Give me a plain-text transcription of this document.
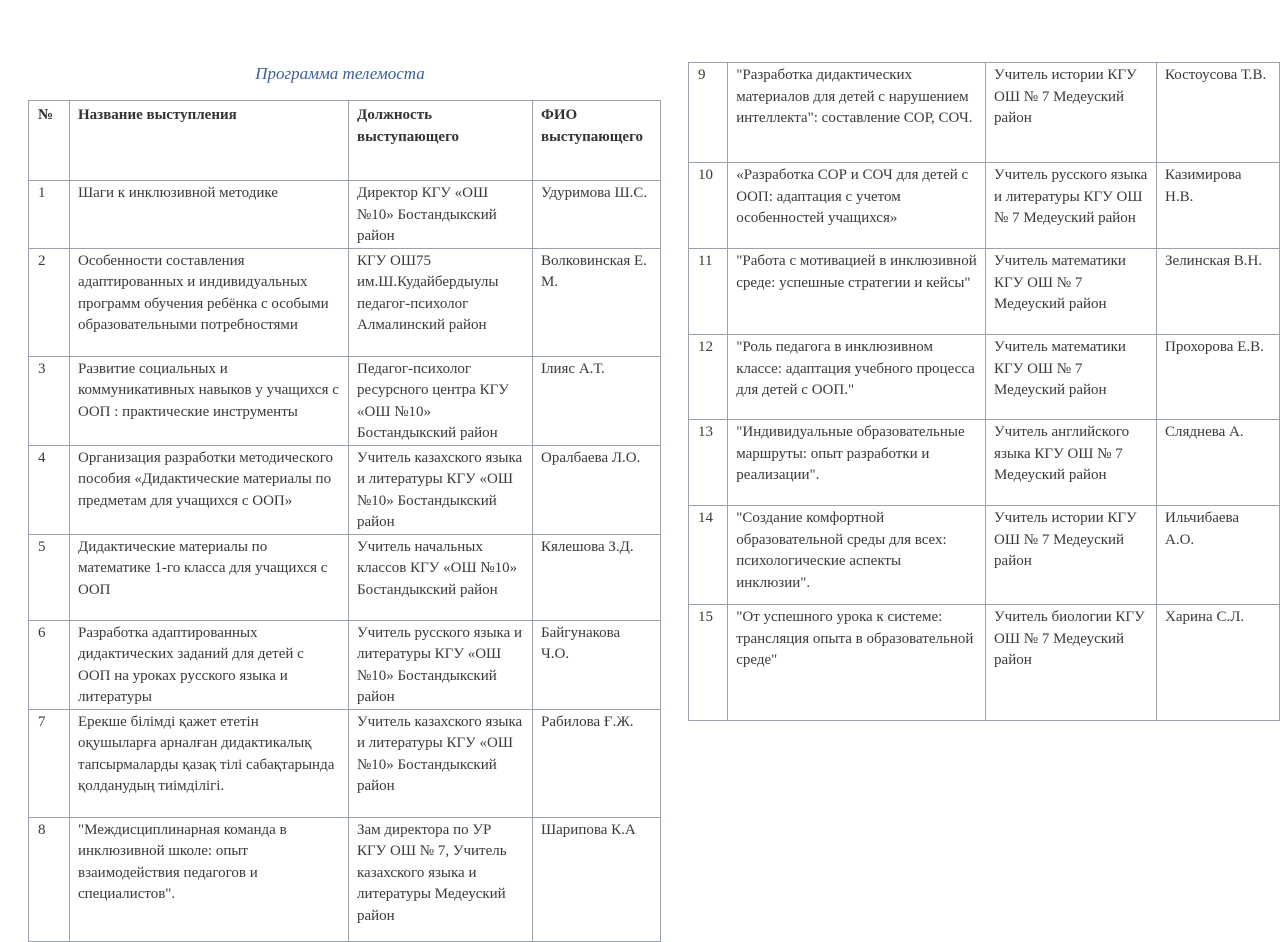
Программа телемоста
№	Название выступления	Должность выступающего	ФИО выступающего
1	Шаги к инклюзивной методике	Директор КГУ «ОШ №10» Бостандыкский район	Удуримова Ш.С.
2	Особенности составления адаптированных и индивидуальных программ обучения ребёнка с особыми образовательными потребностями	КГУ ОШ75 им.Ш.Кудайбердыулы педагог-психолог Алмалинский район	Волковинская Е. М.
3	Развитие социальных и коммуникативных навыков у учащихся с ООП : практические инструменты	Педагог-психолог ресурсного центра КГУ «ОШ №10» Бостандыкский район	Ілияс А.Т.
4	Организация разработки методического пособия «Дидактические материалы по предметам для учащихся с ООП»	Учитель казахского языка и литературы КГУ «ОШ №10» Бостандыкский район	Оралбаева Л.О.
5	Дидактические материалы по математике 1-го класса для учащихся с ООП	Учитель начальных классов КГУ «ОШ №10» Бостандыкский район	Кялешова З.Д.
6	Разработка адаптированных дидактических заданий для детей с ООП на уроках русского языка и литературы	Учитель русского языка и литературы КГУ «ОШ №10» Бостандыкский район	Байгунакова Ч.О.
7	Ерекше білімді қажет ететін оқушыларға арналған дидактикалық тапсырмаларды қазақ тілі сабақтарында қолданудың тиімділігі.	Учитель казахского языка и литературы КГУ «ОШ №10» Бостандыкский район	Рабилова Ғ.Ж.
8	"Междисциплинарная команда в инклюзивной школе: опыт взаимодействия педагогов и специалистов".	Зам директора по УР КГУ ОШ № 7, Учитель казахского языка и литературы Медеуский район	Шарипова К.А
9	"Разработка дидактических материалов для детей с нарушением интеллекта": составление СОР, СОЧ.	Учитель истории КГУ ОШ № 7 Медеуский район	Костоусова Т.В.
10	«Разработка СОР и СОЧ для детей с ООП: адаптация с учетом особенностей учащихся»	Учитель русского языка и литературы КГУ ОШ № 7 Медеуский район	Казимирова Н.В.
11	"Работа с мотивацией в инклюзивной среде: успешные стратегии и кейсы"	Учитель математики КГУ ОШ № 7 Медеуский район	Зелинская В.Н.
12	"Роль педагога в инклюзивном классе: адаптация учебного процесса для детей с ООП."	Учитель математики КГУ ОШ № 7 Медеуский район	Прохорова Е.В.
13	"Индивидуальные образовательные маршруты: опыт разработки и реализации".	Учитель английского языка КГУ ОШ № 7 Медеуский район	Сляднева А.
14	"Создание комфортной образовательной среды для всех: психологические аспекты инклюзии".	Учитель истории КГУ ОШ № 7 Медеуский район	Ильчибаева А.О.
15	"От успешного урока к системе: трансляция опыта в образовательной среде"	Учитель биологии КГУ ОШ № 7 Медеуский район	Харина С.Л.
